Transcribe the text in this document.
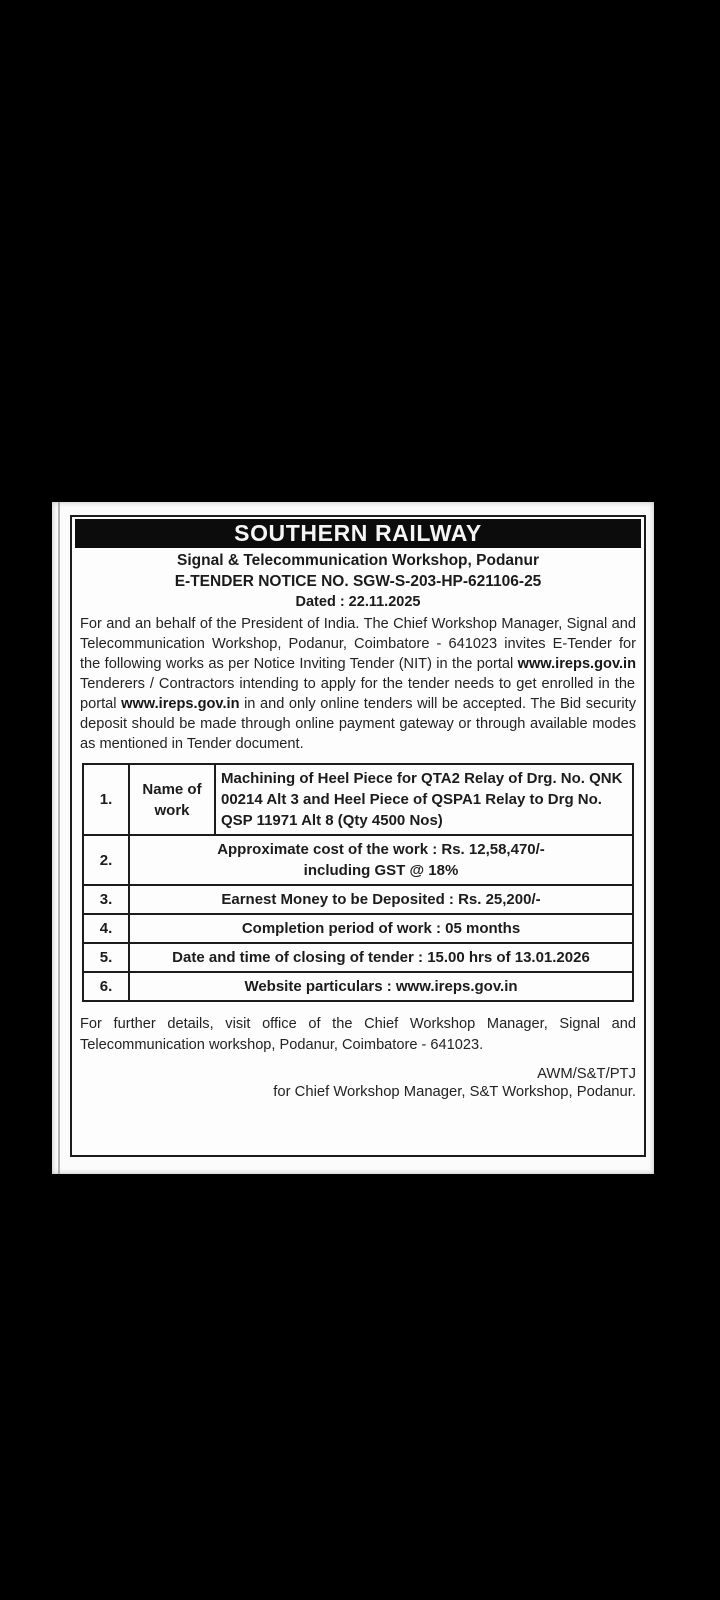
SOUTHERN RAILWAY
Signal & Telecommunication Workshop, Podanur
E-TENDER NOTICE NO. SGW-S-203-HP-621106-25
Dated : 22.11.2025
For and an behalf of the President of India. The Chief Workshop Manager, Signal and Telecommunication Workshop, Podanur, Coimbatore - 641023 invites E-Tender for the following works as per Notice Inviting Tender (NIT) in the portal www.ireps.gov.in Tenderers / Contractors intending to apply for the tender needs to get enrolled in the portal www.ireps.gov.in in and only online tenders will be accepted. The Bid security deposit should be made through online payment gateway or through available modes as mentioned in Tender document.
1.	Name of work	Machining of Heel Piece for QTA2 Relay of Drg. No. QNK 00214 Alt 3 and Heel Piece of QSPA1 Relay to Drg No. QSP 11971 Alt 8 (Qty 4500 Nos)
2.	Approximate cost of the work : Rs. 12,58,470/-
including GST @ 18%	

3.	Earnest Money to be Deposited : Rs. 25,200/-	
4.	Completion period of work : 05 months	
5.	Date and time of closing of tender : 15.00 hrs of 13.01.2026	
6.	Website particulars : www.ireps.gov.in	
For further details, visit office of the Chief Workshop Manager, Signal and Telecommunication workshop, Podanur, Coimbatore - 641023.
AWM/S&T/PTJ
for Chief Workshop Manager, S&T Workshop, Podanur.
